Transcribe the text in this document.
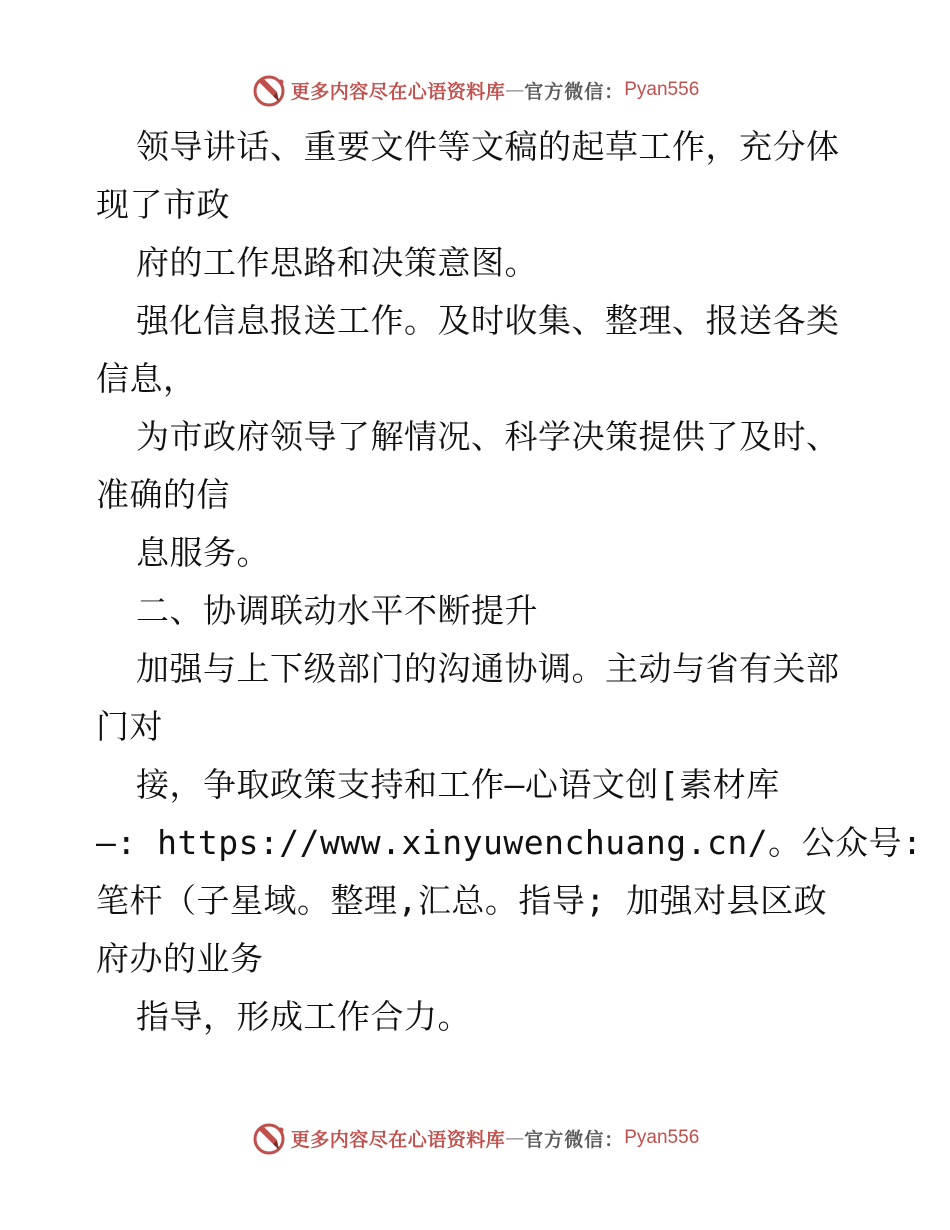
更多内容尽在心语资料库 — 官方微信： Pyan556
领导讲话、重要文件等文稿的起草工作，充分体
现了市政
府的工作思路和决策意图。
强化信息报送工作。及时收集、整理、报送各类
信息，
为市政府领导了解情况、科学决策提供了及时、
准确的信
息服务。
二、协调联动水平不断提升
加强与上下级部门的沟通协调。主动与省有关部
门对
接，争取政策支持和工作—心语文创[素材库
—: https://www.xinyuwenchuang.cn/。公众号:
笔杆（子星域。整理,汇总。指导; 加强对县区政
府办的业务
指导，形成工作合力。
更多内容尽在心语资料库 — 官方微信： Pyan556
